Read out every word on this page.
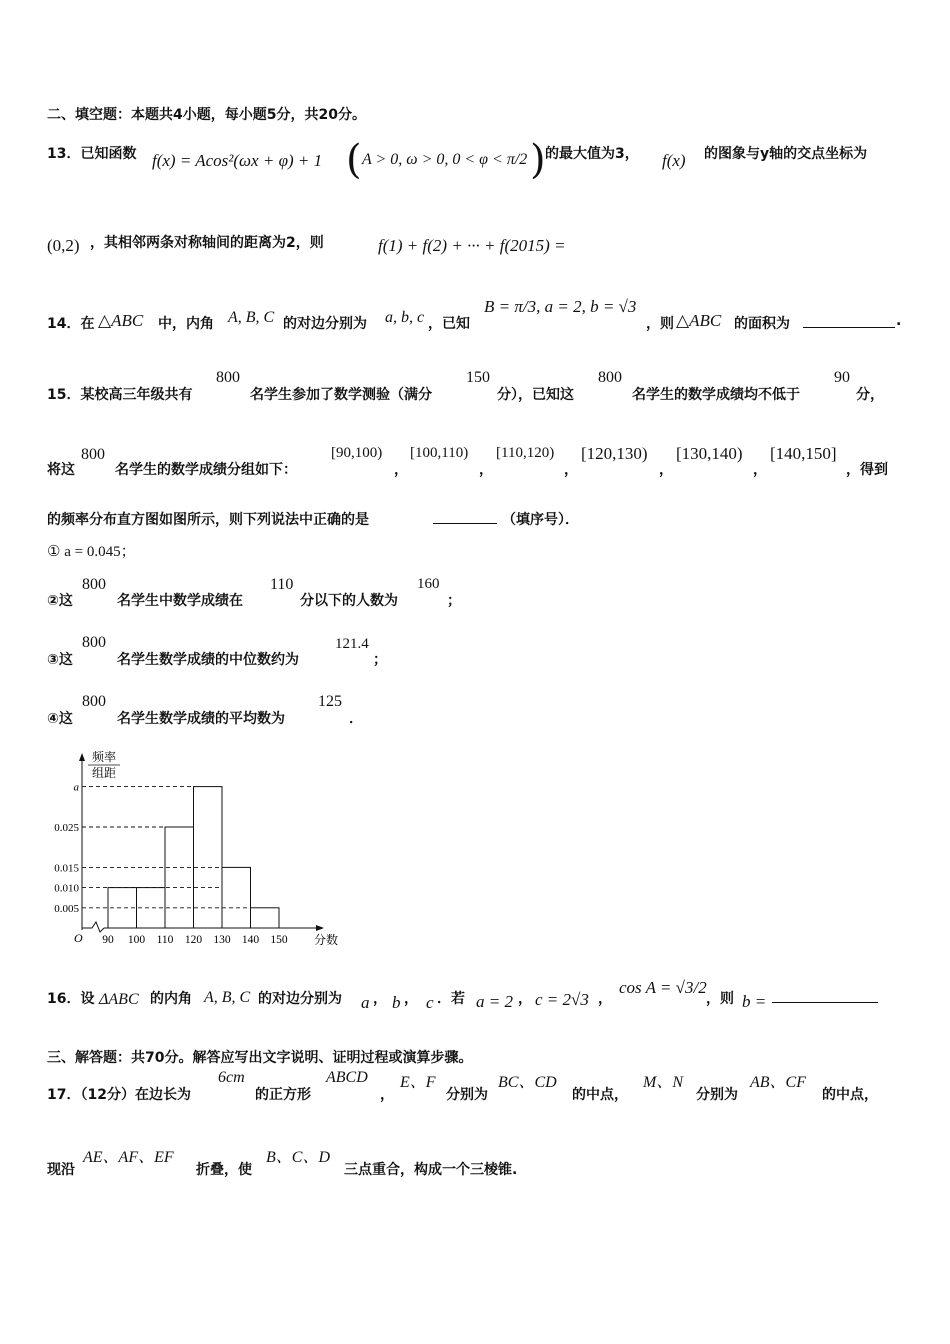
二、填空题：本题共4小题，每小题5分，共20分。
13．已知函数 f(x) = Acos²(ωx + φ) + 1 ( A > 0, ω > 0, 0 < φ < π/2 ) 的最大值为3， f(x) 的图象与y轴的交点坐标为
(0,2) ，其相邻两条对称轴间的距离为2，则	f(1) + f(2) + ··· + f(2015) =
14．在 △ABC 中，内角 A, B, C 的对边分别为 a, b, c ，已知
B = π/3, a = 2, b = √3
，则 △ABC 的面积为	.
15．某校高三年级共有
800
名学生参加了数学测验（满分
150
分），已知这
800
名学生的数学成绩均不低于
90
分，
将这
800
名学生的数学成绩分组如下：
[90,100)
，
[100,110)
，
[110,120)
，
[120,130)
，
[130,140)
，
[140,150]
，得到
的频率分布直方图如图所示，则下列说法中正确的是	（填序号）．
① a = 0.045；
②这
800
名学生中数学成绩在
110
分以下的人数为
160
；
③这
800
名学生数学成绩的中位数约为
121.4
；
④这
800
名学生数学成绩的平均数为
125
．
频率
组距
a
0.025
0.015
0.010
0.005
90 100 110 120 130 140 150 分数
O
16．设 ΔABC 的内角 A, B, C 的对边分别为 a ， b ， c ．若 a = 2 ， c = 2√3 ，
cos A = √3/2
，则 b =
三、解答题：共70分。解答应写出文字说明、证明过程或演算步骤。
17．（12分）在边长为
6cm
的正方形
ABCD
，
E、F
分别为
BC、CD
的中点，
M、N
分别为
AB、CF
的中点，
现沿
AE、AF、EF
折叠，使
B、C、D
三点重合，构成一个三棱锥.
